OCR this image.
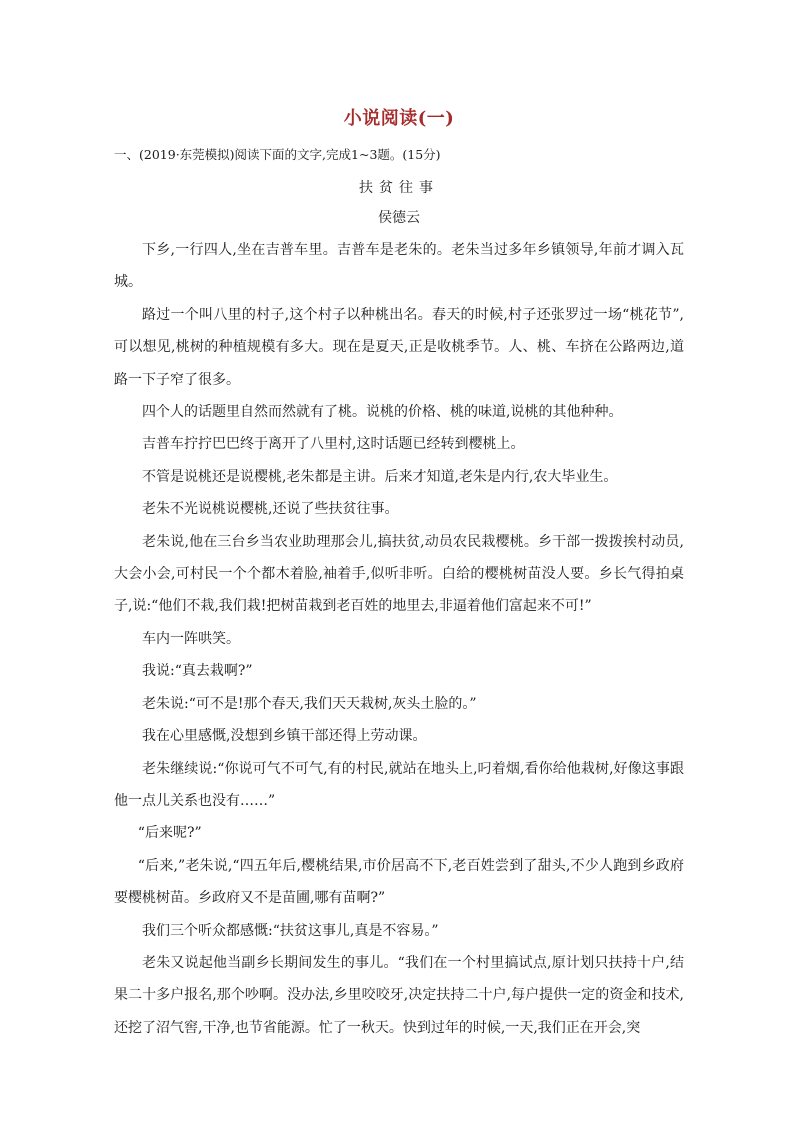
小说阅读(一)
一、(2019·东莞模拟)阅读下面的文字,完成1~3题。(15分)
扶贫往事
侯德云

下乡,一行四人,坐在吉普车里。吉普车是老朱的。老朱当过多年乡镇领导,年前才调入瓦城。

路过一个叫八里的村子,这个村子以种桃出名。春天的时候,村子还张罗过一场“桃花节”,可以想见,桃树的种植规模有多大。现在是夏天,正是收桃季节。人、桃、车挤在公路两边,道路一下子窄了很多。

四个人的话题里自然而然就有了桃。说桃的价格、桃的味道,说桃的其他种种。

吉普车拧拧巴巴终于离开了八里村,这时话题已经转到樱桃上。

不管是说桃还是说樱桃,老朱都是主讲。后来才知道,老朱是内行,农大毕业生。

老朱不光说桃说樱桃,还说了些扶贫往事。

老朱说,他在三台乡当农业助理那会儿,搞扶贫,动员农民栽樱桃。乡干部一拨拨挨村动员,大会小会,可村民一个个都木着脸,袖着手,似听非听。白给的樱桃树苗没人要。乡长气得拍桌子,说:“他们不栽,我们栽!把树苗栽到老百姓的地里去,非逼着他们富起来不可!”

车内一阵哄笑。

我说:“真去栽啊?”

老朱说:“可不是!那个春天,我们天天栽树,灰头土脸的。”

我在心里感慨,没想到乡镇干部还得上劳动课。

老朱继续说:“你说可气不可气,有的村民,就站在地头上,叼着烟,看你给他栽树,好像这事跟他一点儿关系也没有……”

“后来呢?”

“后来,”老朱说,“四五年后,樱桃结果,市价居高不下,老百姓尝到了甜头,不少人跑到乡政府要樱桃树苗。乡政府又不是苗圃,哪有苗啊?”

我们三个听众都感慨:“扶贫这事儿,真是不容易。”

老朱又说起他当副乡长期间发生的事儿。“我们在一个村里搞试点,原计划只扶持十户,结果二十多户报名,那个吵啊。没办法,乡里咬咬牙,决定扶持二十户,每户提供一定的资金和技术,还挖了沼气窖,干净,也节省能源。忙了一秋天。快到过年的时候,一天,我们正在开会,突
